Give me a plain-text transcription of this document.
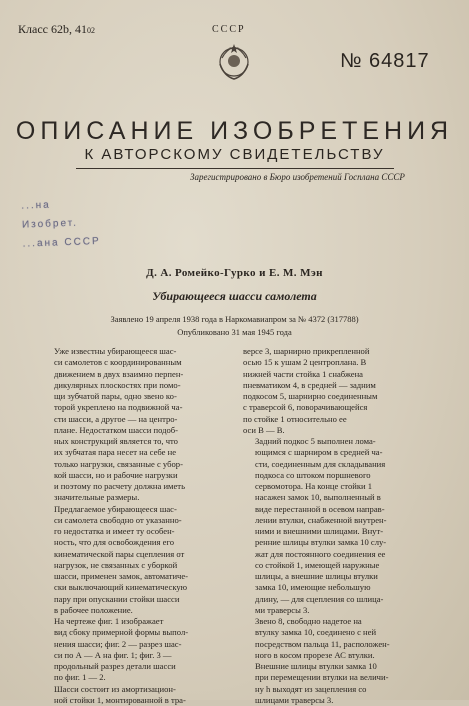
Класс 62b, 4102	СССР
№ 64817
ОПИСАНИЕ ИЗОБРЕТЕНИЯ
К АВТОРСКОМУ СВИДЕТЕЛЬСТВУ
Зарегистрировано в Бюро изобретений Госплана СССР
...на
Изобрет.
...ана СССР
Д. А. Ромейко-Гурко и Е. М. Мэн
Убирающееся шасси самолета
Заявлено 19 апреля 1938 года в Наркомавиапром за № 4372 (317788)
Опубликовано 31 мая 1945 года

Уже известны убирающееся шас-
си самолетов с координированным
движением в двух взаимно перпен-
дикулярных плоскостях при помо-
щи зубчатой пары, одно звено ко-
торой укреплено на подвижной ча-
сти шасси, а другое — на центро-
плане. Недостатком шасси подоб-
ных конструкций является то, что
их зубчатая пара несет на себе не
только нагрузки, связанные с убор-
кой шасси, но и рабочие нагрузки
и поэтому по расчету должна иметь
значительные размеры.

Предлагаемое убирающееся шас-
си самолета свободно от указанно-
го недостатка и имеет ту особен-
ность, что для освобождения его
кинематической пары сцепления от
нагрузок, не связанных с уборкой
шасси, применен замок, автоматиче-
ски выключающий кинематическую
пару при опускании стойки шасси
в рабочее положение.

На чертеже фиг. 1 изображает
вид сбоку примерной формы выпол-
нения шасси; фиг. 2 — разрез шас-
си по А — А на фиг. 1; фиг. 3 —
продольный разрез детали шасси
по фиг. 1 — 2.

Шасси состоит из амортизацион-
ной стойки 1, монтированной в тра-

версе 3, шарнирно прикрепленной
осью 15 к ушам 2 центроплана. В
нижней части стойка 1 снабжена
пневматиком 4, в средней — задним
подкосом 5, шарнирно соединенным
с траверсой 6, поворачивающейся
по стойке 1 относительно ее
оси В — В.

Задний подкос 5 выполнен лома-
ющимся с шарниром в средней ча-
сти, соединенным для складывания
подкоса со штоком поршневого
сервомотора. На конце стойки 1
насажен замок 10, выполненный в
виде перестанной в осевом направ-
лении втулки, снабженной внутрен-
ними и внешними шлицами. Внут-
ренние шлицы втулки замка 10 слу-
жат для постоянного соединения ее
со стойкой 1, имеющей наружные
шлицы, а внешние шлицы втулки
замка 10, имеющие небольшую
длину, — для сцепления со шлица-
ми траверсы 3.

Звено 8, свободно надетое на
втулку замка 10, соединено с ней
посредством пальца 11, расположен-
ного в косом прорезе АС втулки.

Внешние шлицы втулки замка 10
при перемещении втулки на величи-
ну h выходят из зацепления со
шлицами траверсы 3.
